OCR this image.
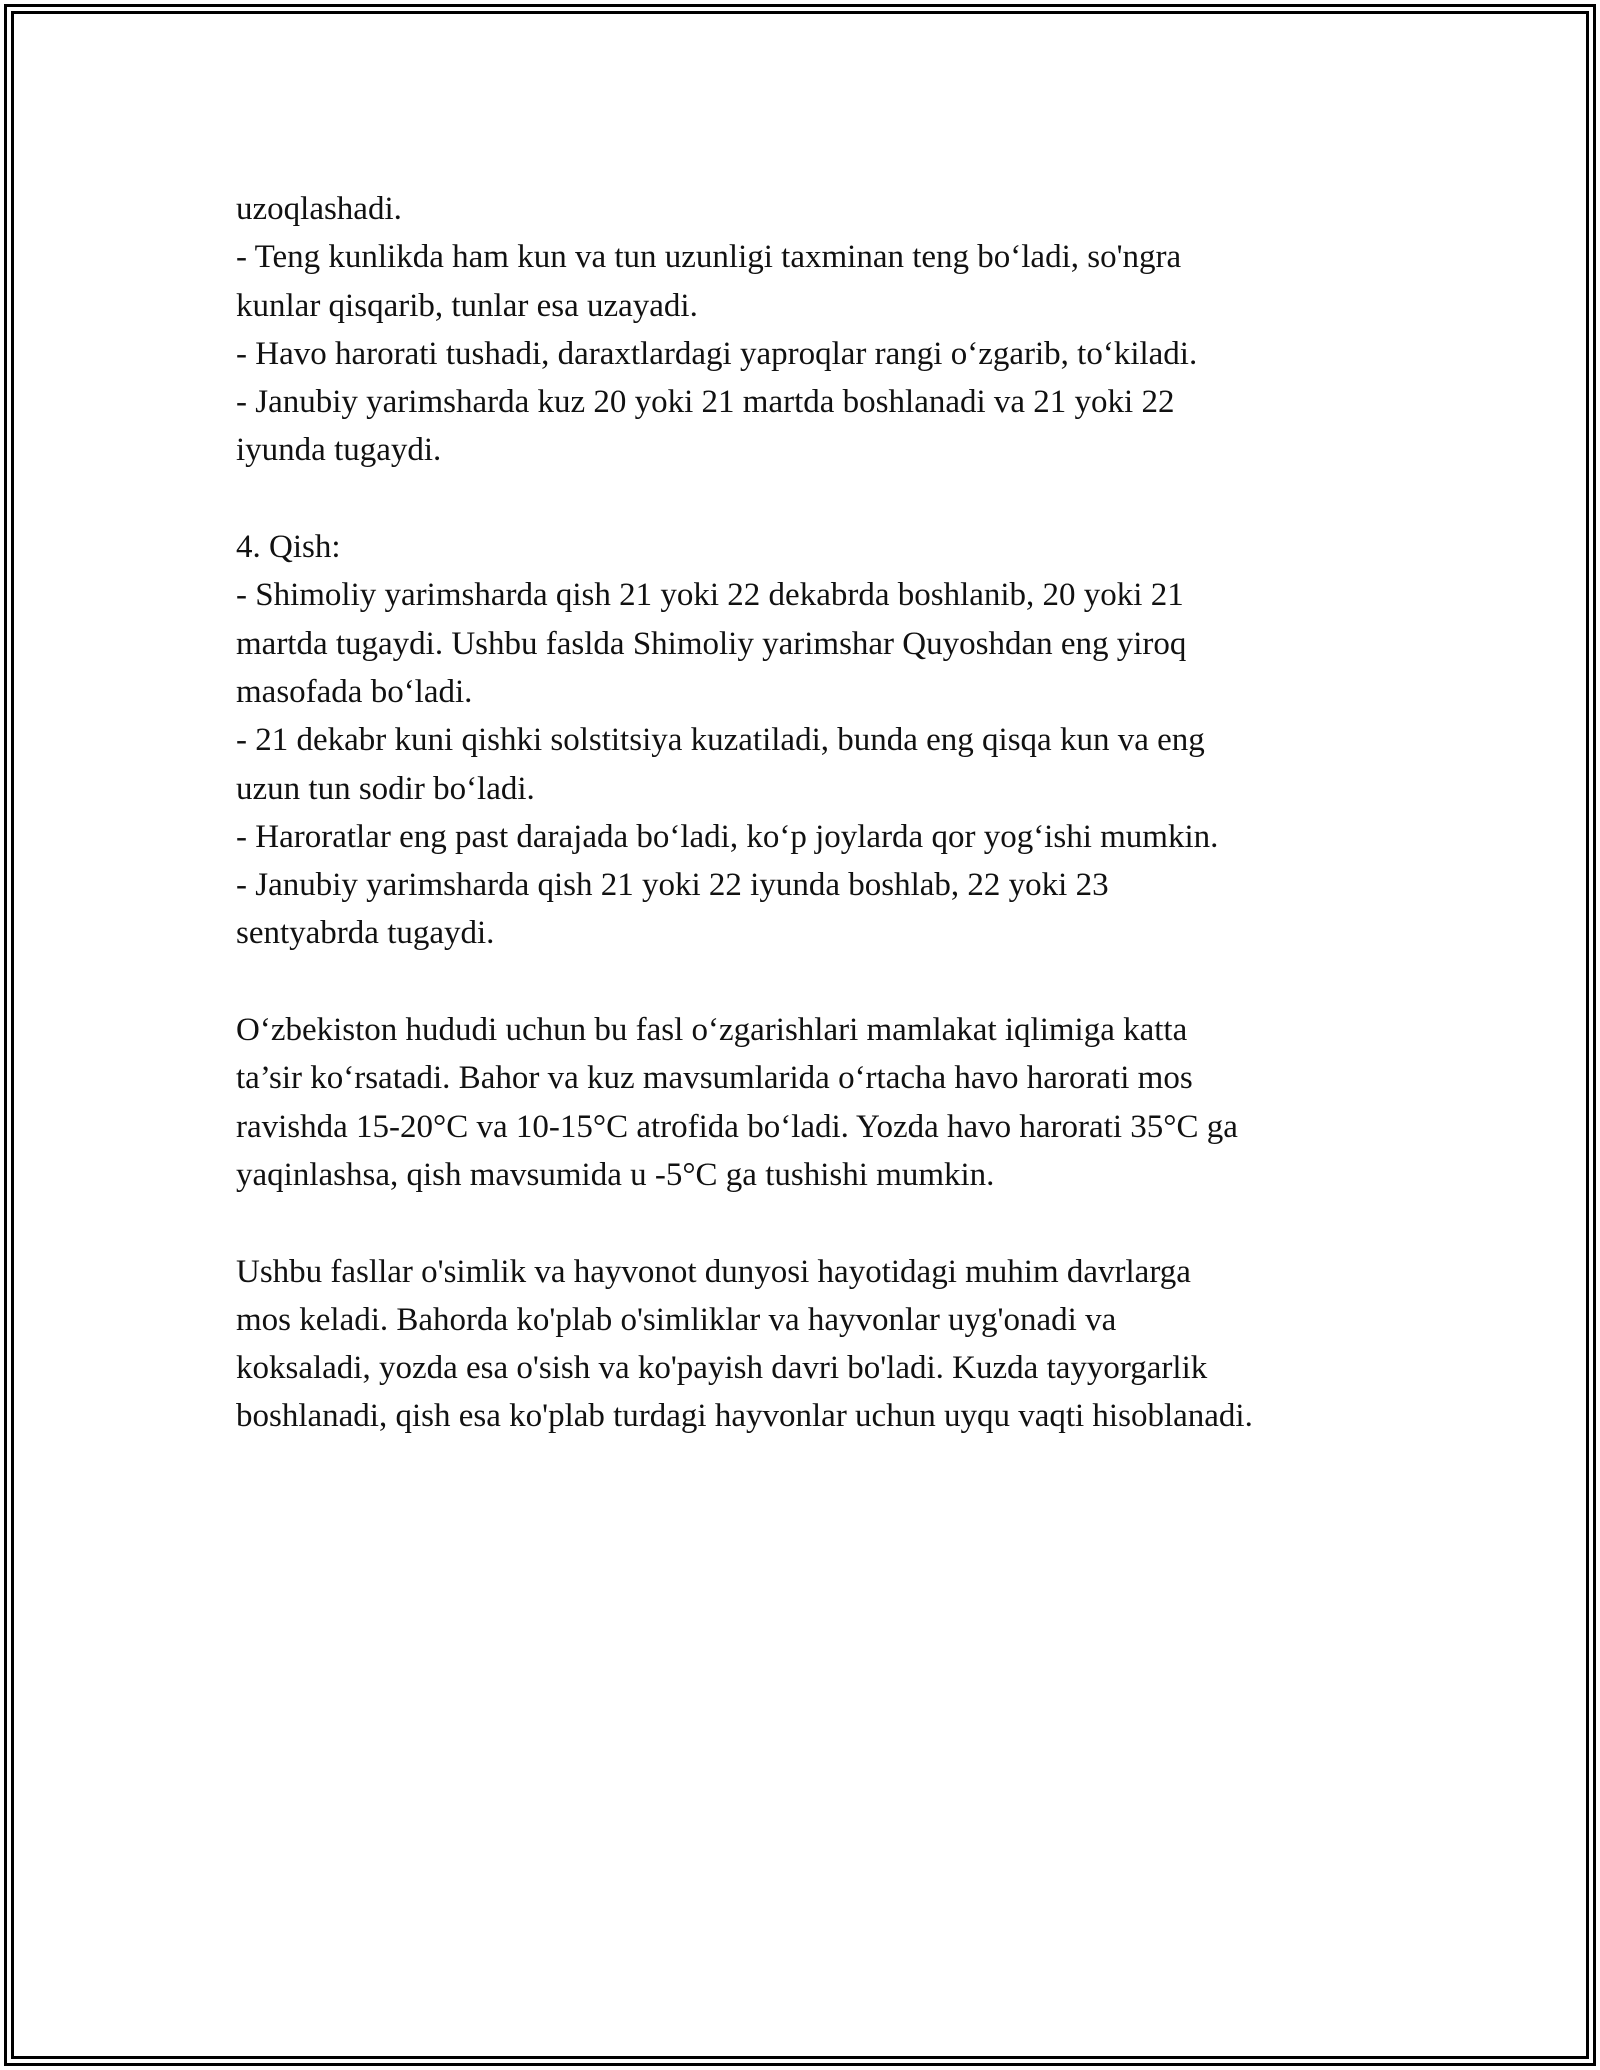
uzoqlashadi.

- Teng kunlikda ham kun va tun uzunligi taxminan teng bo‘ladi, so'ngra
kunlar qisqarib, tunlar esa uzayadi.

- Havo harorati tushadi, daraxtlardagi yaproqlar rangi o‘zgarib, to‘kiladi.

- Janubiy yarimsharda kuz 20 yoki 21 martda boshlanadi va 21 yoki 22
iyunda tugaydi.

4. Qish:

- Shimoliy yarimsharda qish 21 yoki 22 dekabrda boshlanib, 20 yoki 21
martda tugaydi. Ushbu faslda Shimoliy yarimshar Quyoshdan eng yiroq
masofada bo‘ladi.

- 21 dekabr kuni qishki solstitsiya kuzatiladi, bunda eng qisqa kun va eng
uzun tun sodir bo‘ladi.

- Haroratlar eng past darajada bo‘ladi, ko‘p joylarda qor yog‘ishi mumkin.

- Janubiy yarimsharda qish 21 yoki 22 iyunda boshlab, 22 yoki 23
sentyabrda tugaydi.

O‘zbekiston hududi uchun bu fasl o‘zgarishlari mamlakat iqlimiga katta
ta’sir ko‘rsatadi. Bahor va kuz mavsumlarida o‘rtacha havo harorati mos
ravishda 15-20°C va 10-15°C atrofida bo‘ladi. Yozda havo harorati 35°C ga
yaqinlashsa, qish mavsumida u -5°C ga tushishi mumkin.

Ushbu fasllar o'simlik va hayvonot dunyosi hayotidagi muhim davrlarga
mos keladi. Bahorda ko'plab o'simliklar va hayvonlar uyg'onadi va
koksaladi, yozda esa o'sish va ko'payish davri bo'ladi. Kuzda tayyorgarlik
boshlanadi, qish esa ko'plab turdagi hayvonlar uchun uyqu vaqti hisoblanadi.
